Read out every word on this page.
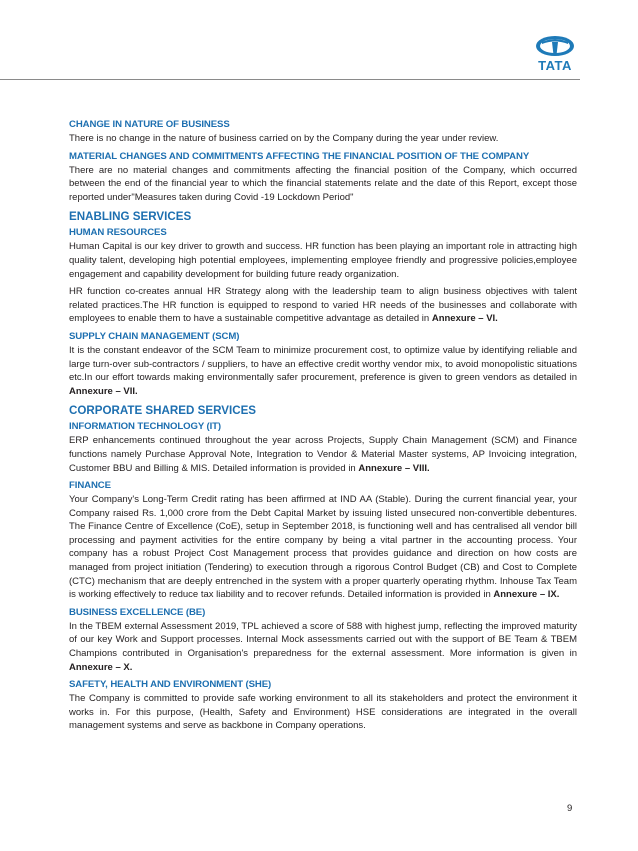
TATA
CHANGE IN NATURE OF BUSINESS

There is no change in the nature of business carried on by the Company during the year under review.

MATERIAL CHANGES AND COMMITMENTS AFFECTING THE FINANCIAL POSITION OF THE COMPANY

There are no material changes and commitments affecting the financial position of the Company, which occurred between the end of the financial year to which the financial statements relate and the date of this Report, except those reported under"Measures taken during Covid -19 Lockdown Period"

ENABLING SERVICES
HUMAN RESOURCES

Human Capital is our key driver to growth and success. HR function has been playing an important role in attracting high quality talent, developing high potential employees, implementing employee friendly and progressive policies,employee engagement and capability development for building future ready organization.

HR function co-creates annual HR Strategy along with the leadership team to align business objectives with talent related practices.The HR function is equipped to respond to varied HR needs of the businesses and collaborate with employees to enable them to have a sustainable competitive advantage as detailed in Annexure – VI.

SUPPLY CHAIN MANAGEMENT (SCM)

It is the constant endeavor of the SCM Team to minimize procurement cost, to optimize value by identifying reliable and large turn-over sub-contractors / suppliers, to have an effective credit worthy vendor mix, to avoid monopolistic situations etc.In our effort towards making environmentally safer procurement, preference is given to green vendors as detailed in Annexure – VII.

CORPORATE SHARED SERVICES
INFORMATION TECHNOLOGY (IT)

ERP enhancements continued throughout the year across Projects, Supply Chain Management (SCM) and Finance functions namely Purchase Approval Note, Integration to Vendor & Material Master systems, AP Invoicing integration, Customer BBU and Billing & MIS. Detailed information is provided in Annexure – VIII.

FINANCE

Your Company's Long-Term Credit rating has been affirmed at IND AA (Stable). During the current financial year, your Company raised Rs. 1,000 crore from the Debt Capital Market by issuing listed unsecured non-convertible debentures. The Finance Centre of Excellence (CoE), setup in September 2018, is functioning well and has centralised all vendor bill processing and payment activities for the entire company by being a vital partner in the accounting process. Your company has a robust Project Cost Management process that provides guidance and direction on how costs are managed from project initiation (Tendering) to execution through a rigorous Control Budget (CB) and Cost to Complete (CTC) mechanism that are deeply entrenched in the system with a proper quarterly operating rhythm. Inhouse Tax Team is working effectively to reduce tax liability and to recover refunds. Detailed information is provided in Annexure – IX.

BUSINESS EXCELLENCE (BE)

In the TBEM external Assessment 2019, TPL achieved a score of 588 with highest jump, reflecting the improved maturity of our key Work and Support processes. Internal Mock assessments carried out with the support of BE Team & TBEM Champions contributed in Organisation's preparedness for the external assessment. More information is given in Annexure – X.

SAFETY, HEALTH AND ENVIRONMENT (SHE)

The Company is committed to provide safe working environment to all its stakeholders and protect the environment it works in. For this purpose, (Health, Safety and Environment) HSE considerations are integrated in the overall management systems and serve as backbone in Company operations.

9
